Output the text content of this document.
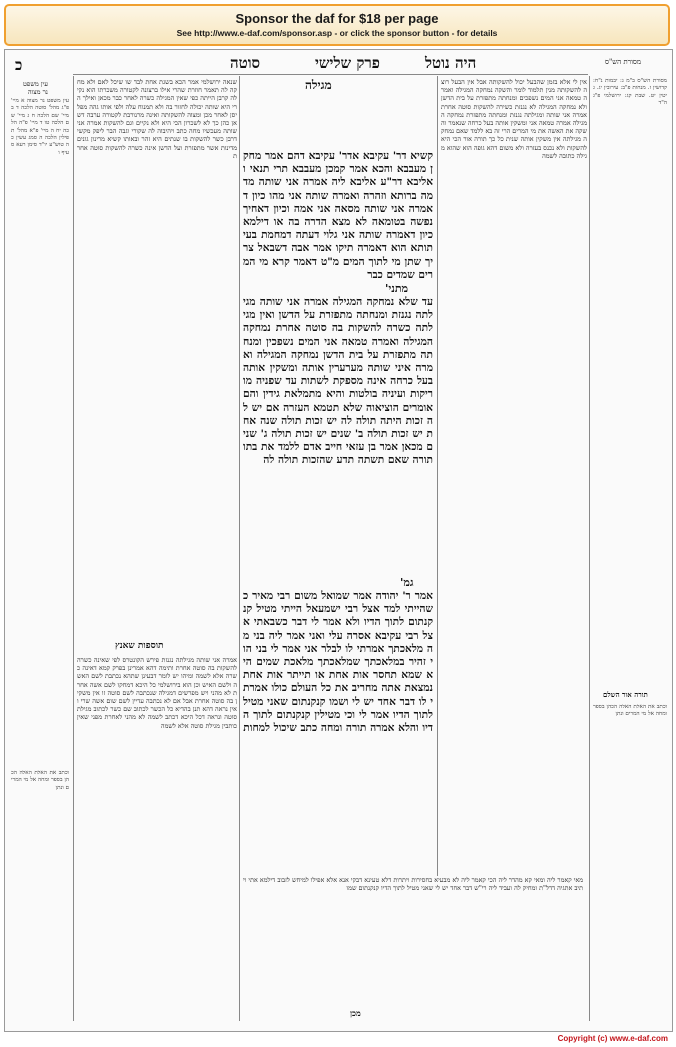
Sponsor the daf for $18 per page
See http://www.e-daf.com/sponsor.asp - or click the sponsor button - for details
כ	סוטה	פרק שלישי	היה נוטל	מסורת הש"ס
עין משפט
נר מצוה
עין משפט נר מצוה א מיי' פ"ג מהל' סוטה הלכה ד ב מיי' שם הלכה ח ג מיי' שם הלכה טו ד מיי' פ"ה הלכה יח ה מיי' פ"א מהל' תפילין הלכה ה סמג עשין כה טוש"ע יו"ד סימן רעא סעיף ו
שנאה ירושלמי אמר הכא בשגת אחת לבד שו שיכל לאם ולא מחקה לה תאמר חוזרת שהרי אילו ברצונה לקטורה משכרתו הוא נקי לה קרבן הייתה כפי שאין המגילה כשרה לאחר כבר מכאן ואילך הרי היא שותה יכולה לחזור בה ולא תמנוח עלה ולפי אותו גהה מפליסן לאחר מכן ומצוה להשקותה ואינה מרנורבת לקטורה ערבה דשאן כהן כך לא לשכרון הכי היא ולא נקיים וגם להשקות אמרה אני שותה מעכשיו מחה כתב ויהיבוה לה שקורי וגבה הבר ליפק מקשי דרבן כשר להשקות בו שנתים היא זהר ובאותו קשיא מרינון גונים מדינות אשר מתפזרת ועל הדשן אינה כשרה להשקות סוטה אחרת
תוספות שאנץ
אמרה אני שותה מגילתה נגנזת פירש הקונטרס לפי שאינה כשרה להשקות בה סוטה אחרת ותימה דהא אמרינן בפרק קמא דאינה כשרה אלא לשמה ומיהו יש לומר דבעינן שתהא נכתבת לשם האשה ולשם האיש וכן הוא בירושלמי כל היכא דמחקו לשם אשה אחרת לא מהני ויש מפרשים דמגילה שנכתבה לשם סוטה זו אין משקין בה סוטה אחרת אבל אם לא נכתבה עדיין לשם שום אשה שרי ואין נראה דהא תנן בהדיא כל הכשר לכתוב שם כשר לכתוב מגילת סוטה ונראה דכל היכא דכתב לשמה לא מהני לאחרת מפני שאין כותבין מגילת סוטה אלא לשמה
וכתב את האלת האלה הכהן בספר ומחה אל מי המרים ונתן
מגילה
קשיא דר' עקיבא אדר' עקיבא דהם אמר מחקן מעבבא והכא אמר קמכן מעבבא תרי תנאי ואליבא דר"ע אליבא ליה אמרה אני שותה מדמה ברותא וזהרה ואמרה שותה אני מהו כיון דאמרה אני שותה מסאה אני אמה וכיון דאחיך נפשה בטומאה לא מצא הדרה בה או דילמא כיון דאמרה שותה אני גלוי דעתה דמחמת בעיתותא הוא דאמרה תיקו אמר אבה דשבאל צריך שתן מי לתוך המים מ"ט דאמר קרא מי המרים שמדים כבר
מתני'
עד שלא נמחקה המגילה אמרה אני שותה מגילתה נגנזת ומנחתה מתפזרת על הדשן ואין מגילתה כשרה להשקות בה סוטה אחרת נמחקה המגילה ואמרה טמאה אני המים נשפכין ומנחתה מתפזרת על בית הדשן נמחקה המגילה ואמרה איני שותה מערערין אותה ומשקין אותה בעל כרחה אינה מספקת לשתות עד שפניה מוריקות ועיניה בולטות והיא מתמלאת גידין והם אומרים הוציאוה שלא תטמא העזרה אם יש לה זכות היתה תולה לה יש זכות תולה שנה אחת יש זכות תולה ב' שנים יש זכות תולה ג' שנים מכאן אמר בן עזאי חייב אדם ללמד את בתו תורה שאם תשתה תדע שהזכות תולה לה
גמ'
אמר ר' יהודה אמר שמואל משום רבי מאיר כשהייתי למד אצל רבי ישמעאל הייתי מטיל קנקנתום לתוך הדיו ולא אמר לי דבר כשבאתי אצל רבי עקיבא אסרה עלי ואני אמר ליה בני מה מלאכתך אמרתי לו לבלר אני אמר לי בני הוי זהיר במלאכתך שמלאכתך מלאכת שמים היא שמא תחסר אות אחת או תייתר אות אחת נמצאת אתה מחריב את כל העולם כולו אמרתי לו דבר אחד יש לי ושמו קנקנתום שאני מטיל לתוך הדיו אמר לי וכי מטילין קנקנתום לתוך הדיו והלא אמרה תורה ומחה כתב שיכול למחות
מאי קאמר ליה ומאי קא מהדר ליה הכי קאמר ליה לא מבעיא בחסירות ויתרות דלא טעינא דבקי אנא אלא אפילו למיחש לזבוב דילמא אתי ויתיב אתגיה דדל"ת ומחיק לה ועביד ליה רי"ש דבר אחד יש לי שאני מטיל לתוך הדיו קנקנתום שמו
מכן
אין לי אלא בזמן שהבעל יכול להשקותה אבל אין הבעל רוצה להשקותה מנין תלמוד לומר והשקה נמחקה המגילה ואמרה טמאה אני המים נשפכים ומנחתה מתפזרת על בית הדשן ולא נמחקה המגילה לא נגנזת כשירה להשקות סוטה אחרת אמרה אני שותה ומגילתה נגנזת ומנחתה מתפזרת נמחקה המגילה אמרה טמאה אני ומשקין אותה בעל כרחה שנאמר והשקה את האשה את מי המרים הרי זה בא ללמד שאם נמחקה מגילתה אין משקין אותה שנית כל כך תורה אור הכי היא להשקות ולא נכנס בעזרה ולא משום דהא גופה הוא שהוא מגילה כתובה לשמה
מסורת הש"ס ב"מ ג: יבמות נ"ח: קדושין ז. מנחות פ"ב: עירובין יג. גיטין יט. שבת קג: ירושלמי פ"ג ה"ד
תורה אור השלם
וכתב את האלת האלה הכהן בספר ומחה אל מי המרים ונתן
Copyright (c) www.e-daf.com
